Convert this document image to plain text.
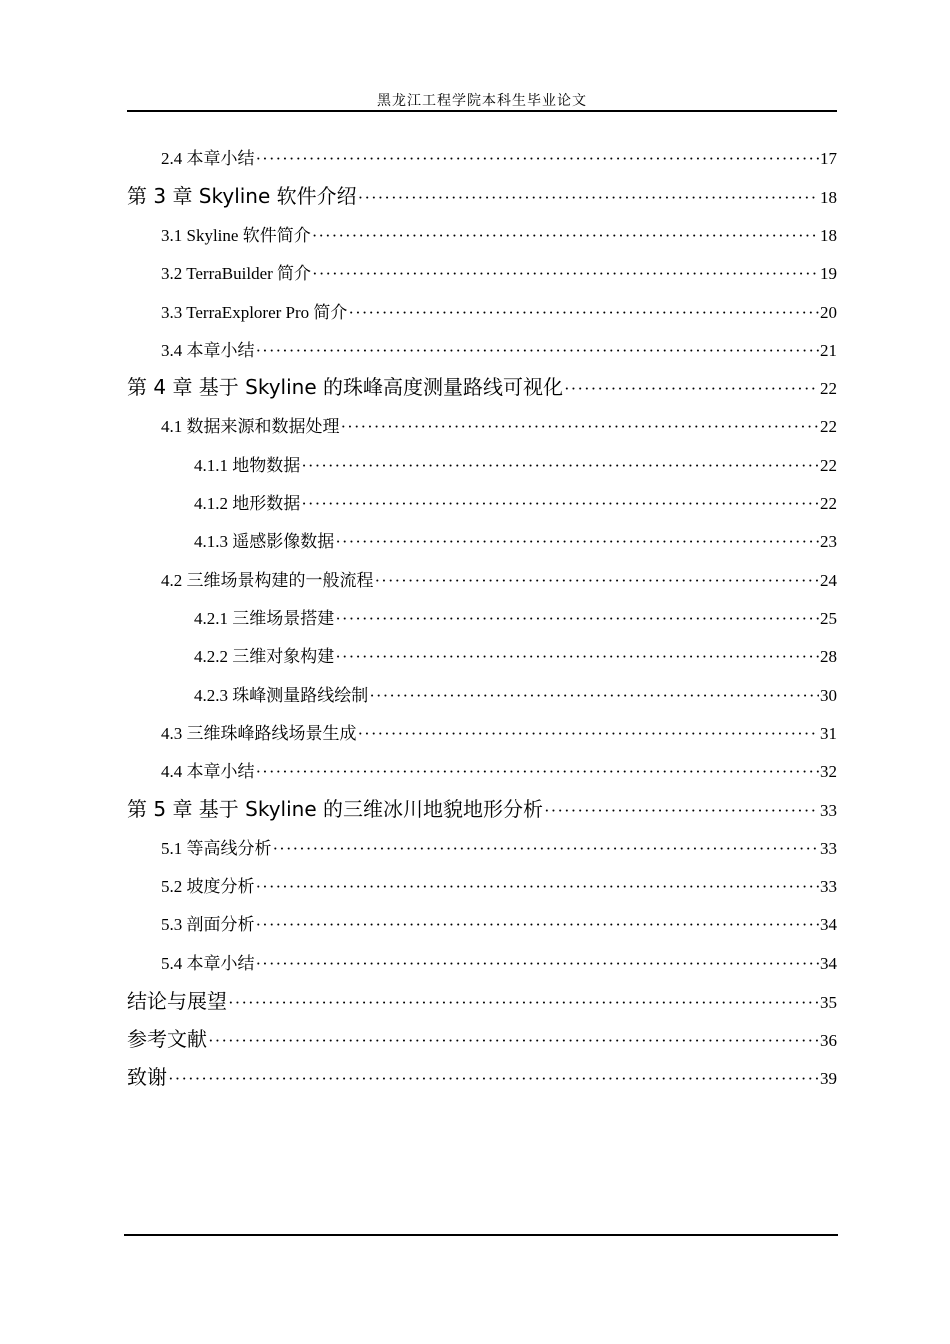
黑龙江工程学院本科生毕业论文
2.4 本章小结 ·····	17
第 3 章 Skyline 软件介绍 ·····	18
3.1 Skyline 软件简介 ·····	18
3.2 TerraBuilder 简介 ·····	19
3.3 TerraExplorer Pro 简介 ·····	20
3.4 本章小结 ·····	21
第 4 章 基于 Skyline 的珠峰高度测量路线可视化 ·····	22
4.1 数据来源和数据处理 ·····	22
4.1.1 地物数据 ·····	22
4.1.2 地形数据 ·····	22
4.1.3 遥感影像数据 ·····	23
4.2 三维场景构建的一般流程 ·····	24
4.2.1 三维场景搭建 ·····	25
4.2.2 三维对象构建 ·····	28
4.2.3 珠峰测量路线绘制 ·····	30
4.3 三维珠峰路线场景生成 ·····	31
4.4 本章小结 ·····	32
第 5 章 基于 Skyline 的三维冰川地貌地形分析 ·····	33
5.1 等高线分析 ·····	33
5.2 坡度分析 ·····	33
5.3 剖面分析 ·····	34
5.4 本章小结 ·····	34
结论与展望 ·····	35
参考文献 ·····	36
致谢 ·····	39
